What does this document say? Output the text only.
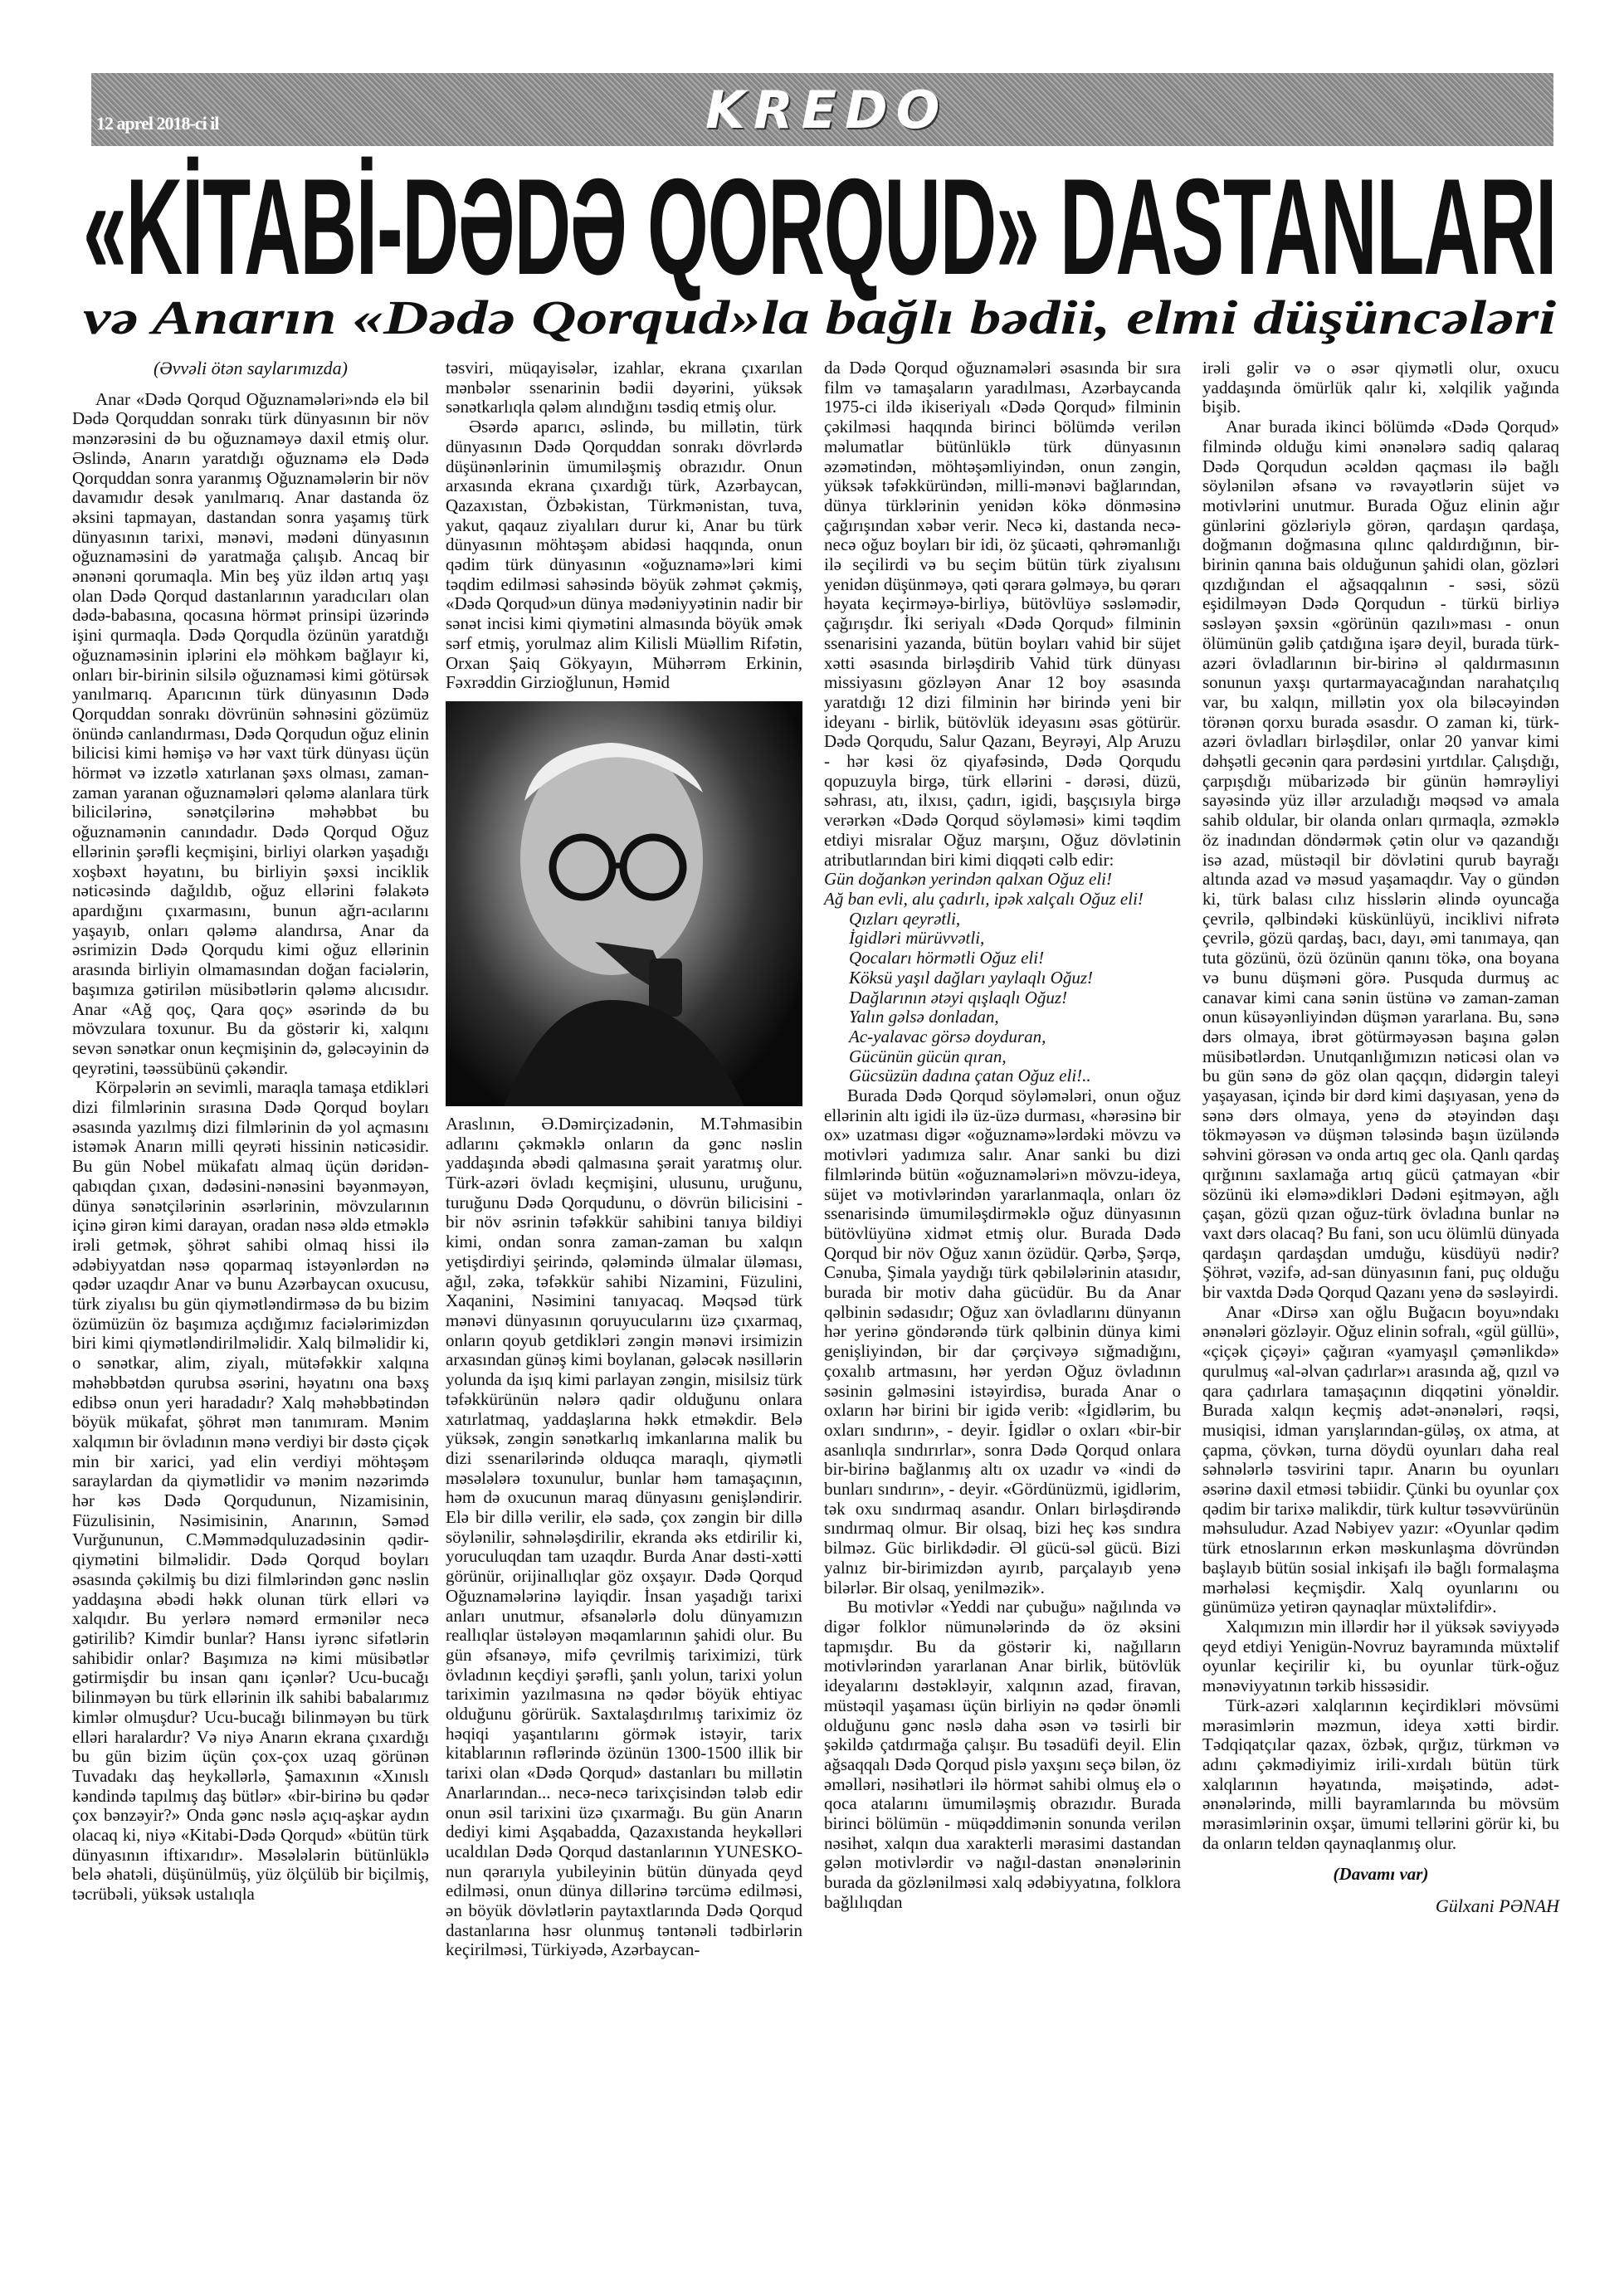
12 aprel 2018-ci il	KREDO
«KİTABİ-DƏDƏ QORQUD» DASTANLARI
və Anarın «Dədə Qorqud»la bağlı bədii, elmi düşüncələri

(Əvvəli ötən saylarımızda)

Anar «Dədə Qorqud Oğuznamələri»ndə elə bil Dədə Qorquddan sonrakı türk dünyasının bir növ mənzərəsini də bu oğuznaməyə daxil etmiş olur. Əslində, Anarın yaratdığı oğuznamə elə Dədə Qorquddan sonra yaranmış Oğuznamələrin bir növ davamıdır desək yanılmarıq. Anar dastanda öz əksini tapmayan, dastandan sonra yaşamış türk dünyasının tarixi, mənəvi, mədəni dünyasının oğuznaməsini də yaratmağa çalışıb. Ancaq bir ənənəni qorumaqla. Min beş yüz ildən artıq yaşı olan Dədə Qorqud dastanlarının yaradıcıları olan dədə-babasına, qocasına hörmət prinsipi üzərində işini qurmaqla. Dədə Qorqudla özünün yaratdığı oğuznaməsinin iplərini elə möhkəm bağlayır ki, onları bir-birinin silsilə oğuznaməsi kimi götürsək yanılmarıq. Aparıcının türk dünyasının Dədə Qorquddan sonrakı dövrünün səhnəsini gözümüz önündə canlandırması, Dədə Qorqudun oğuz elinin bilicisi kimi həmişə və hər vaxt türk dünyası üçün hörmət və izzətlə xatırlanan şəxs olması, zaman-zaman yaranan oğuznamələri qələmə alanlara türk bilicilərinə, sənətçilərinə məhəbbət bu oğuznamənin canındadır. Dədə Qorqud Oğuz ellərinin şərəfli keçmişini, birliyi olarkən yaşadığı xoşbəxt həyatını, bu birliyin şəxsi inciklik nəticəsində dağıldıb, oğuz ellərini fəlakətə apardığını çıxarmasını, bunun ağrı-acılarını yaşayıb, onları qələmə alandırsa, Anar da əsrimizin Dədə Qorqudu kimi oğuz ellərinin arasında birliyin olmamasından doğan faciələrin, başımıza gətirilən müsibətlərin qələmə alıcısıdır. Anar «Ağ qoç, Qara qoç» əsərində də bu mövzulara toxunur. Bu da göstərir ki, xalqını sevən sənətkar onun keçmişinin də, gələcəyinin də qeyrətini, təəssübünü çəkəndir.

Körpələrin ən sevimli, maraqla tamaşa etdikləri dizi filmlərinin sırasına Dədə Qorqud boyları əsasında yazılmış dizi filmlərinin də yol açmasını istəmək Anarın milli qeyrəti hissinin nəticəsidir. Bu gün Nobel mükafatı almaq üçün dəridən-qabıqdan çıxan, dədəsini-nənəsini bəyənməyən, dünya sənətçilərinin əsərlərinin, mövzularının içinə girən kimi darayan, oradan nəsə əldə etməklə irəli getmək, şöhrət sahibi olmaq hissi ilə ədəbiyyatdan nəsə qoparmaq istəyənlərdən nə qədər uzaqdır Anar və bunu Azərbaycan oxucusu, türk ziyalısı bu gün qiymətləndirməsə də bu bizim özümüzün öz başımıza açdığımız faciələrimizdən biri kimi qiymətləndirilməlidir. Xalq bilməlidir ki, o sənətkar, alim, ziyalı, mütəfəkkir xalqına məhəbbətdən qurubsa əsərini, həyatını ona bəxş edibsə onun yeri haradadır? Xalq məhəbbətindən böyük mükafat, şöhrət mən tanımıram. Mənim xalqımın bir övladının mənə verdiyi bir dəstə çiçək min bir xarici, yad elin verdiyi möhtəşəm saraylardan da qiymətlidir və mənim nəzərimdə hər kəs Dədə Qorqudunun, Nizamisinin, Füzulisinin, Nəsimisinin, Anarının, Səməd Vurğununun, C.Məmmədquluzadəsinin qədir-qiymətini bilməlidir. Dədə Qorqud boyları əsasında çəkilmiş bu dizi filmlərindən gənc nəslin yaddaşına əbədi həkk olunan türk elləri və xalqıdır. Bu yerlərə nəmərd ermənilər necə gətirilib? Kimdir bunlar? Hansı iyrənc sifətlərin sahibidir onlar? Başımıza nə kimi müsibətlər gətirmişdir bu insan qanı içənlər? Ucu-bucağı bilinməyən bu türk ellərinin ilk sahibi babalarımız kimlər olmuşdur? Ucu-bucağı bilinməyən bu türk elləri haralardır? Və niyə Anarın ekrana çıxardığı bu gün bizim üçün çox-çox uzaq görünən Tuvadakı daş heykəllərlə, Şamaxının «Xınıslı kəndində tapılmış daş bütlər» «bir-birinə bu qədər çox bənzəyir?» Onda gənc nəslə açıq-aşkar aydın olacaq ki, niyə «Kitabi-Dədə Qorqud» «bütün türk dünyasının iftixarıdır». Məsələlərin bütünlüklə belə əhatəli, düşünülmüş, yüz ölçülüb bir biçilmiş, təcrübəli, yüksək ustalıqla

təsviri, müqayisələr, izahlar, ekrana çıxarılan mənbələr ssenarinin bədii dəyərini, yüksək sənətkarlıqla qələm alındığını təsdiq etmiş olur.

Əsərdə aparıcı, əslində, bu millətin, türk dünyasının Dədə Qorquddan sonrakı dövrlərdə düşünənlərinin ümumiləşmiş obrazıdır. Onun arxasında ekrana çıxardığı türk, Azərbaycan, Qazaxıstan, Özbəkistan, Türkmənistan, tuva, yakut, qaqauz ziyalıları durur ki, Anar bu türk dünyasının möhtəşəm abidəsi haqqında, onun qədim türk dünyasının «oğuznamə»ləri kimi təqdim edilməsi sahəsində böyük zəhmət çəkmiş, «Dədə Qorqud»un dünya mədəniyyətinin nadir bir sənət incisi kimi qiymətini almasında böyük əmək sərf etmiş, yorulmaz alim Kilisli Müəllim Rifətin, Orxan Şaiq Gökyayın, Mühərrəm Erkinin, Fəxrəddin Girzioğlunun, Həmid

Araslının, Ə.Dəmirçizadənin, M.Təhmasibin adlarını çəkməklə onların da gənc nəslin yaddaşında əbədi qalmasına şərait yaratmış olur. Türk-azəri övladı keçmişini, ulusunu, uruğunu, turuğunu Dədə Qorqudunu, o dövrün bilicisini - bir növ əsrinin təfəkkür sahibini tanıya bildiyi kimi, ondan sonra zaman-zaman bu xalqın yetişdirdiyi şeirində, qələmində ülmalar üləması, ağıl, zəka, təfəkkür sahibi Nizamini, Füzulini, Xaqanini, Nəsimini tanıyacaq. Məqsəd türk mənəvi dünyasının qoruyucularını üzə çıxarmaq, onların qoyub getdikləri zəngin mənəvi irsimizin arxasından günəş kimi boylanan, gələcək nəsillərin yolunda da işıq kimi parlayan zəngin, misilsiz türk təfəkkürünün nələrə qadir olduğunu onlara xatırlatmaq, yaddaşlarına həkk etməkdir. Belə yüksək, zəngin sənətkarlıq imkanlarına malik bu dizi ssenarilərində olduqca maraqlı, qiymətli məsələlərə toxunulur, bunlar həm tamaşaçının, həm də oxucunun maraq dünyasını genişləndirir. Elə bir dillə verilir, elə sadə, çox zəngin bir dillə söylənilir, səhnələşdirilir, ekranda əks etdirilir ki, yoruculuqdan tam uzaqdır. Burda Anar dəsti-xətti görünür, orijinallıqlar göz oxşayır. Dədə Qorqud Oğuznamələrinə layiqdir. İnsan yaşadığı tarixi anları unutmur, əfsanələrlə dolu dünyamızın reallıqlar üstələyən məqamlarının şahidi olur. Bu gün əfsanəyə, mifə çevrilmiş tariximizi, türk övladının keçdiyi şərəfli, şanlı yolun, tarixi yolun tariximin yazılmasına nə qədər böyük ehtiyac olduğunu görürük. Saxtalaşdırılmış tariximiz öz həqiqi yaşantılarını görmək istəyir, tarix kitablarının rəflərində özünün 1300-1500 illik bir tarixi olan «Dədə Qorqud» dastanları bu millətin Anarlarından... necə-necə tarixçisindən tələb edir onun əsil tarixini üzə çıxarmağı. Bu gün Anarın dediyi kimi Aşqabadda, Qazaxıstanda heykəlləri ucaldılan Dədə Qorqud dastanlarının YUNESKO-nun qərarıyla yubileyinin bütün dünyada qeyd edilməsi, onun dünya dillərinə tərcümə edilməsi, ən böyük dövlətlərin paytaxtlarında Dədə Qorqud dastanlarına həsr olunmuş təntənəli tədbirlərin keçirilməsi, Türkiyədə, Azərbaycan-

da Dədə Qorqud oğuznamələri əsasında bir sıra film və tamaşaların yaradılması, Azərbaycanda 1975-ci ildə ikiseriyalı «Dədə Qorqud» filminin çəkilməsi haqqında birinci bölümdə verilən məlumatlar bütünlüklə türk dünyasının əzəmətindən, möhtəşəmliyindən, onun zəngin, yüksək təfəkküründən, milli-mənəvi bağlarından, dünya türklərinin yenidən kökə dönməsinə çağırışından xəbər verir. Necə ki, dastanda necə-necə oğuz boyları bir idi, öz şücaəti, qəhrəmanlığı ilə seçilirdi və bu seçim bütün türk ziyalısını yenidən düşünməyə, qəti qərara gəlməyə, bu qərarı həyata keçirməyə-birliyə, bütövlüyə səsləmədir, çağırışdır. İki seriyalı «Dədə Qorqud» filminin ssenarisini yazanda, bütün boyları vahid bir süjet xətti əsasında birləşdirib Vahid türk dünyası missiyasını gözləyən Anar 12 boy əsasında yaratdığı 12 dizi filminin hər birində yeni bir ideyanı - birlik, bütövlük ideyasını əsas götürür. Dədə Qorqudu, Salur Qazanı, Beyrəyi, Alp Aruzu - hər kəsi öz qiyafəsində, Dədə Qorqudu qopuzuyla birgə, türk ellərini - dərəsi, düzü, səhrası, atı, ilxısı, çadırı, igidi, başçısıyla birgə verərkən «Dədə Qorqud söyləməsi» kimi təqdim etdiyi misralar Oğuz marşını, Oğuz dövlətinin atributlarından biri kimi diqqəti cəlb edir:

Gün doğankən yerindən qalxan Oğuz eli!
Ağ ban evli, alu çadırlı, ipək xalçalı Oğuz eli!
Qızları qeyrətli,
İgidləri mürüvvətli,
Qocaları hörmətli Oğuz eli!
Köksü yaşıl dağları yaylaqlı Oğuz!
Dağlarının ətəyi qışlaqlı Oğuz!
Yalın gəlsə donladan,
Ac-yalavac görsə doyduran,
Gücünün gücün qıran,
Gücsüzün dadına çatan Oğuz eli!..

Burada Dədə Qorqud söyləmələri, onun oğuz ellərinin altı igidi ilə üz-üzə durması, «hərəsinə bir ox» uzatması digər «oğuznamə»lərdəki mövzu və motivləri yadımıza salır. Anar sanki bu dizi filmlərində bütün «oğuznamələri»n mövzu-ideya, süjet və motivlərindən yararlanmaqla, onları öz ssenarisində ümumiləşdirməklə oğuz dünyasının bütövlüyünə xidmət etmiş olur. Burada Dədə Qorqud bir növ Oğuz xanın özüdür. Qərbə, Şərqə, Cənuba, Şimala yaydığı türk qəbilələrinin atasıdır, burada bir motiv daha gücüdür. Bu da Anar qəlbinin sədasıdır; Oğuz xan övladlarını dünyanın hər yerinə göndərəndə türk qəlbinin dünya kimi genişliyindən, bir dar çərçivəyə sığmadığını, çoxalıb artmasını, hər yerdən Oğuz övladının səsinin gəlməsini istəyirdisə, burada Anar o oxların hər birini bir igidə verib: «İgidlərim, bu oxları sındırın», - deyir. İgidlər o oxları «bir-bir asanlıqla sındırırlar», sonra Dədə Qorqud onlara bir-birinə bağlanmış altı ox uzadır və «indi də bunları sındırın», - deyir. «Gördünüzmü, igidlərim, tək oxu sındırmaq asandır. Onları birləşdirəndə sındırmaq olmur. Bir olsaq, bizi heç kəs sındıra bilməz. Güc birlikdədir. Əl gücü-səl gücü. Bizi yalnız bir-birimizdən ayırıb, parçalayıb yenə bilərlər. Bir olsaq, yenilməzik».

Bu motivlər «Yeddi nar çubuğu» nağılında və digər folklor nümunələrində də öz əksini tapmışdır. Bu da göstərir ki, nağılların motivlərindən yararlanan Anar birlik, bütövlük ideyalarını dəstəkləyir, xalqının azad, firavan, müstəqil yaşaması üçün birliyin nə qədər önəmli olduğunu gənc nəslə daha əsən və təsirli bir şəkildə çatdırmağa çalışır. Bu təsadüfi deyil. Elin ağsaqqalı Dədə Qorqud pislə yaxşını seçə bilən, öz əməlləri, nəsihətləri ilə hörmət sahibi olmuş elə o qoca atalarını ümumiləşmiş obrazıdır. Burada birinci bölümün - müqəddimənin sonunda verilən nəsihət, xalqın dua xarakterli mərasimi dastandan gələn motivlərdir və nağıl-dastan ənənələrinin burada da gözlənilməsi xalq ədəbiyyatına, folklora bağlılıqdan

irəli gəlir və o əsər qiymətli olur, oxucu yaddaşında ömürlük qalır ki, xəlqilik yağında bişib.

Anar burada ikinci bölümdə «Dədə Qorqud» filmində olduğu kimi ənənələrə sadiq qalaraq Dədə Qorqudun əcəldən qaçması ilə bağlı söylənilən əfsanə və rəvayətlərin süjet və motivlərini unutmur. Burada Oğuz elinin ağır günlərini gözləriylə görən, qardaşın qardaşa, doğmanın doğmasına qılınc qaldırdığının, bir-birinin qanına bais olduğunun şahidi olan, gözləri qızdığından el ağsaqqalının - səsi, sözü eşidilməyən Dədə Qorqudun - türkü birliyə səsləyən şəxsin «görünün qazılı»ması - onun ölümünün gəlib çatdığına işarə deyil, burada türk-azəri övladlarının bir-birinə əl qaldırmasının sonunun yaxşı qurtarmayacağından narahatçılıq var, bu xalqın, millətin yox ola biləcəyindən törənən qorxu burada əsasdır. O zaman ki, türk-azəri övladları birləşdilər, onlar 20 yanvar kimi dəhşətli gecənin qara pərdəsini yırtdılar. Çalışdığı, çarpışdığı mübarizədə bir günün həmrəyliyi sayəsində yüz illər arzuladığı məqsəd və amala sahib oldular, bir olanda onları qırmaqla, əzməklə öz inadından döndərmək çətin olur və qazandığı isə azad, müstəqil bir dövlətini qurub bayrağı altında azad və məsud yaşamaqdır. Vay o gündən ki, türk balası cılız hisslərin əlində oyuncağa çevrilə, qəlbindəki küskünlüyü, inciklivi nifrətə çevrilə, gözü qardaş, bacı, dayı, əmi tanımaya, qan tuta gözünü, özü özünün qanını tökə, ona boyana və bunu düşməni görə. Pusquda durmuş ac canavar kimi cana sənin üstünə və zaman-zaman onun küsəyənliyindən düşmən yararlana. Bu, sənə dərs olmaya, ibrət götürməyəsən başına gələn müsibətlərdən. Unutqanlığımızın nəticəsi olan və bu gün sənə də göz olan qaçqın, didərgin taleyi yaşayasan, içində bir dərd kimi daşıyasan, yenə də sənə dərs olmaya, yenə də ətəyindən daşı tökməyəsən və düşmən tələsində başın üzüləndə səhvini görəsən və onda artıq gec ola. Qanlı qardaş qırğınını saxlamağa artıq gücü çatmayan «bir sözünü iki eləmə»dikləri Dədəni eşitməyən, ağlı çaşan, gözü qızan oğuz-türk övladına bunlar nə vaxt dərs olacaq? Bu fani, son ucu ölümlü dünyada qardaşın qardaşdan umduğu, küsdüyü nədir? Şöhrət, vəzifə, ad-san dünyasının fani, puç olduğu bir vaxtda Dədə Qorqud Qazanı yenə də səsləyirdi.

Anar «Dirsə xan oğlu Buğacın boyu»ndakı ənənələri gözləyir. Oğuz elinin sofralı, «gül güllü», «çiçək çiçəyi» çağıran «yamyaşıl çəmənlikdə» qurulmuş «al-əlvan çadırlar»ı arasında ağ, qızıl və qara çadırlara tamaşaçının diqqətini yönəldir. Burada xalqın keçmiş adət-ənənələri, rəqsi, musiqisi, idman yarışlarından-güləş, ox atma, at çapma, çövkən, turna döydü oyunları daha real səhnələrlə təsvirini tapır. Anarın bu oyunları əsərinə daxil etməsi təbiidir. Çünki bu oyunlar çox qədim bir tarixə malikdir, türk kultur təsəvvürünün məhsuludur. Azad Nəbiyev yazır: «Oyunlar qədim türk etnoslarının erkən məskunlaşma dövründən başlayıb bütün sosial inkişafı ilə bağlı formalaşma mərhələsi keçmişdir. Xalq oyunlarını ou günümüzə yetirən qaynaqlar müxtəlifdir».

Xalqımızın min illərdir hər il yüksək səviyyədə qeyd etdiyi Yenigün-Novruz bayramında müxtəlif oyunlar keçirilir ki, bu oyunlar türk-oğuz mənəviyyatının tərkib hissəsidir.

Türk-azəri xalqlarının keçirdikləri mövsümi mərasimlərin məzmun, ideya xətti birdir. Tədqiqatçılar qazax, özbək, qırğız, türkmən və adını çəkmədiyimiz irili-xırdalı bütün türk xalqlarının həyatında, məişətində, adət-ənənələrində, milli bayramlarında bu mövsüm mərasimlərinin oxşar, ümumi tellərini görür ki, bu da onların teldən qaynaqlanmış olur.

(Davamı var)

Gülxani PƏNAH
